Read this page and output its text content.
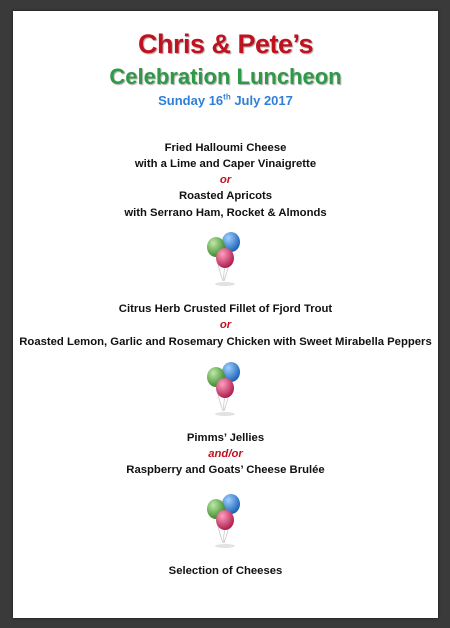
Chris & Pete’s
Celebration Luncheon
Sunday 16th July 2017
Fried Halloumi Cheese
with a Lime and Caper Vinaigrette
or
Roasted Apricots
with Serrano Ham, Rocket & Almonds
Citrus Herb Crusted Fillet of Fjord Trout
or
Roasted Lemon, Garlic and Rosemary Chicken with Sweet Mirabella Peppers
Pimms’ Jellies
and/or
Raspberry and Goats’ Cheese Brulée
Selection of Cheeses
